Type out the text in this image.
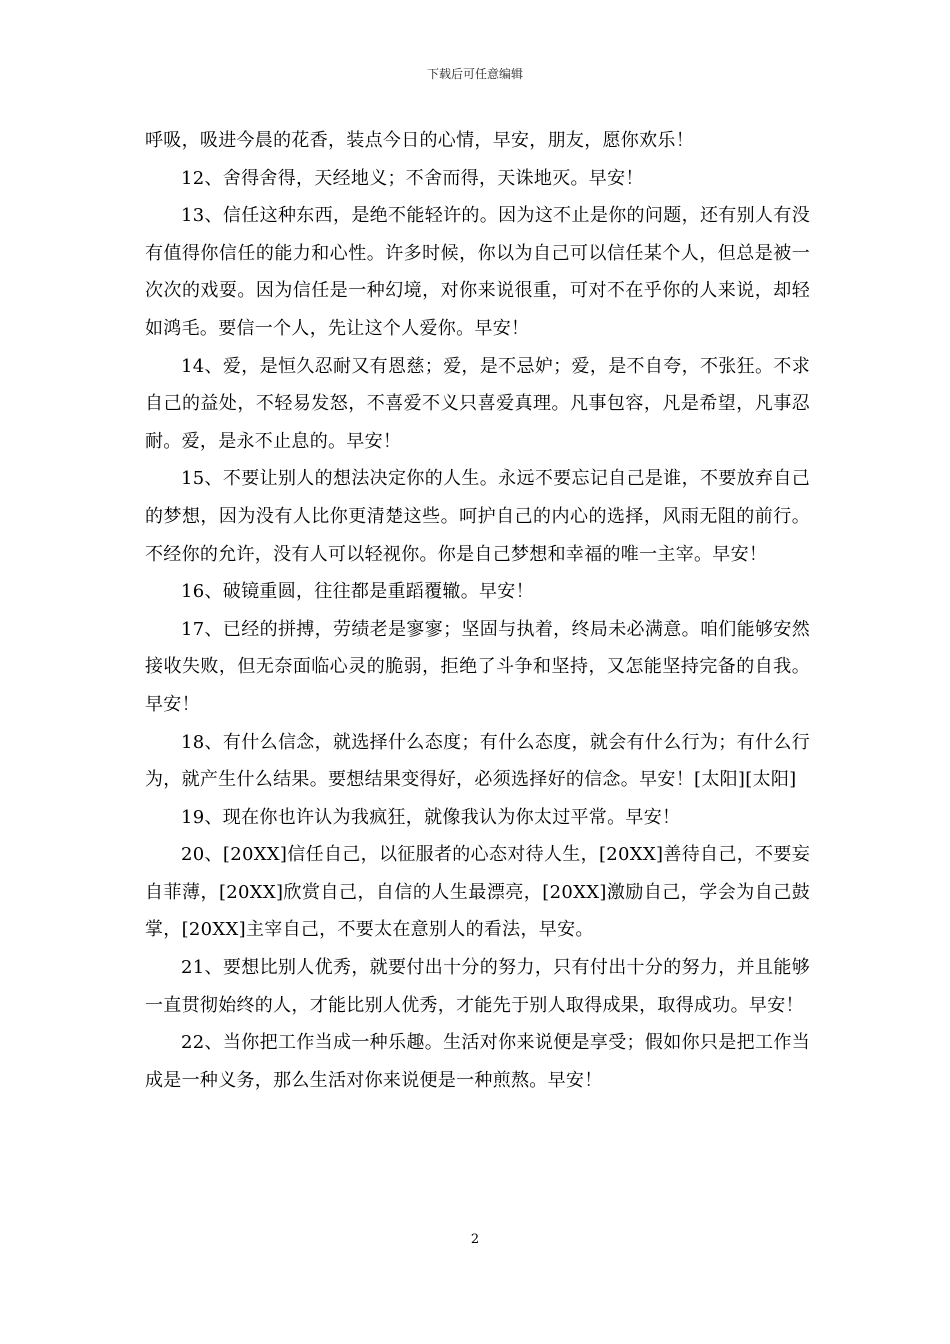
下载后可任意编辑

呼吸，吸进今晨的花香，装点今日的心情，早安，朋友，愿你欢乐！

12、舍得舍得，天经地义；不舍而得，天诛地灭。早安！

13、信任这种东西，是绝不能轻许的。因为这不止是你的问题，还有别人有没有值得你信任的能力和心性。许多时候，你以为自己可以信任某个人，但总是被一次次的戏耍。因为信任是一种幻境，对你来说很重，可对不在乎你的人来说，却轻如鸿毛。要信一个人，先让这个人爱你。早安！

14、爱，是恒久忍耐又有恩慈；爱，是不忌妒；爱，是不自夸，不张狂。不求自己的益处，不轻易发怒，不喜爱不义只喜爱真理。凡事包容，凡是希望，凡事忍耐。爱，是永不止息的。早安！

15、不要让别人的想法决定你的人生。永远不要忘记自己是谁，不要放弃自己的梦想，因为没有人比你更清楚这些。呵护自己的内心的选择，风雨无阻的前行。不经你的允许，没有人可以轻视你。你是自己梦想和幸福的唯一主宰。早安！

16、破镜重圆，往往都是重蹈覆辙。早安！

17、已经的拼搏，劳绩老是寥寥；坚固与执着，终局未必满意。咱们能够安然接收失败，但无奈面临心灵的脆弱，拒绝了斗争和坚持，又怎能坚持完备的自我。早安！

18、有什么信念，就选择什么态度；有什么态度，就会有什么行为；有什么行为，就产生什么结果。要想结果变得好，必须选择好的信念。早安！[太阳][太阳]

19、现在你也许认为我疯狂，就像我认为你太过平常。早安！

20、[20XX]信任自己，以征服者的心态对待人生，[20XX]善待自己，不要妄自菲薄，[20XX]欣赏自己，自信的人生最漂亮，[20XX]激励自己，学会为自己鼓掌，[20XX]主宰自己，不要太在意别人的看法，早安。

21、要想比别人优秀，就要付出十分的努力，只有付出十分的努力，并且能够一直贯彻始终的人，才能比别人优秀，才能先于别人取得成果，取得成功。早安！

22、当你把工作当成一种乐趣。生活对你来说便是享受；假如你只是把工作当成是一种义务，那么生活对你来说便是一种煎熬。早安！

2
